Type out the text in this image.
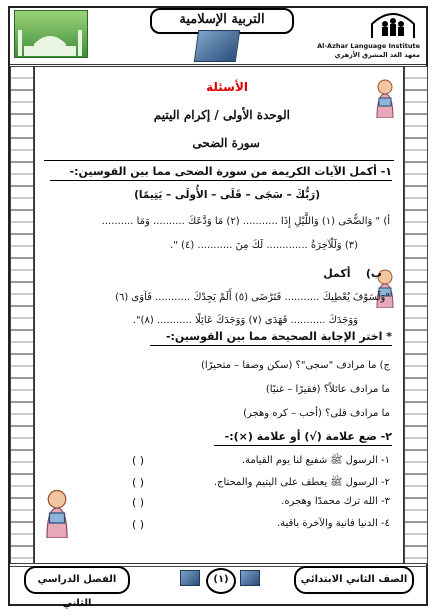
التربية الإسلامية
Al-Azhar Language Institute
معهد الغد المشرق الأزهري
الأسئلة
الوحدة الأولى / إكرام اليتيم
سورة الضحى
١- أكمل الآيات الكريمة من سورة الضحى مما بين القوسين:-
(رَبُّكَ – سَجَى – قَلَى – الأُولَى – يَتِيمًا)
أ) " وَالضُّحَى (١) وَاللَّيْلِ إِذَا ........... (٢) مَا وَدَّعَكَ .......... وَمَا ..........
(٣) وَلَلْآخِرَةُ ............. لَكَ مِنَ ........... (٤) ".
ب)    أكمل
"وَلَسَوْفَ يُعْطِيكَ ........... فَتَرْضَى (٥) أَلَمْ يَجِدْكَ ........... فَآوَى (٦)
وَوَجَدَكَ ........... فَهَدَى (٧) وَوَجَدَكَ عَائِلًا ........... (٨)".
* اختر الإجابة الصحيحة مما بين القوسين:-
ج) ما مرادف "سجى"؟ (سكن وصفا – متحيرًا)
ما مرادف عائلاً؟ (فقيرًا – غنيًا)
ما مرادف قلى؟ (أحب – كره وهجر)
٢- ضع علامة (√) أو علامة (×):-
١- الرسول ﷺ شفيع لنا يوم القيامة.
( )
٢- الرسول ﷺ يعطف على اليتيم والمحتاج.
( )
٣- الله ترك محمدًا وهجره.
( )
٤- الدنيا فانية والآخرة باقية.
( )
الصف الثاني الابتدائي
الفصل الدراسي الثاني
(١)
